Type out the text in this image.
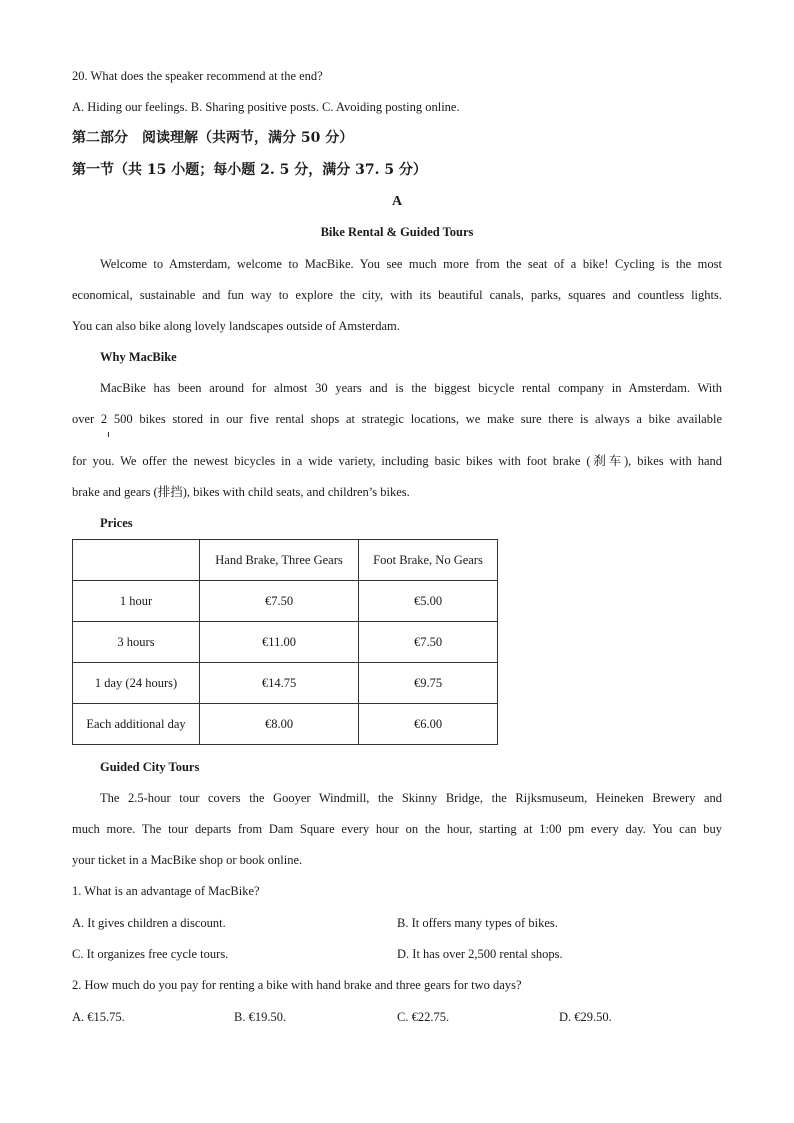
20. What does the speaker recommend at the end?
A. Hiding our feelings. B. Sharing positive posts. C. Avoiding posting online.
第二部分　阅读理解（共两节，满分 50 分）
第一节（共 15 小题；每小题 2. 5 分，满分 37. 5 分）
A
Bike Rental & Guided Tours
Welcome to Amsterdam, welcome to MacBike. You see much more from the seat of a bike! Cycling is the most
economical, sustainable and fun way to explore the city, with its beautiful canals, parks, squares and countless lights.
You can also bike along lovely landscapes outside of Amsterdam.
Why MacBike
MacBike has been around for almost 30 years and is the biggest bicycle rental company in Amsterdam. With
over 2 500 bikes stored in our five rental shops at strategic locations, we make sure there is always a bike available
for you. We offer the newest bicycles in a wide variety, including basic bikes with foot brake (刹车), bikes with hand
brake and gears (排挡), bikes with child seats, and children’s bikes.
Prices
	Hand Brake, Three Gears	Foot Brake, No Gears
1 hour	€7.50	€5.00
3 hours	€11.00	€7.50
1 day (24 hours)	€14.75	€9.75
Each additional day	€8.00	€6.00
Guided City Tours
The 2.5-hour tour covers the Gooyer Windmill, the Skinny Bridge, the Rijksmuseum, Heineken Brewery and
much more. The tour departs from Dam Square every hour on the hour, starting at 1:00 pm every day. You can buy
your ticket in a MacBike shop or book online.
1. What is an advantage of MacBike?
A. It gives children a discount.	B. It offers many types of bikes.
C. It organizes free cycle tours.	D. It has over 2,500 rental shops.
2. How much do you pay for renting a bike with hand brake and three gears for two days?
A. €15.75.	B. €19.50.	C. €22.75.	D. €29.50.
